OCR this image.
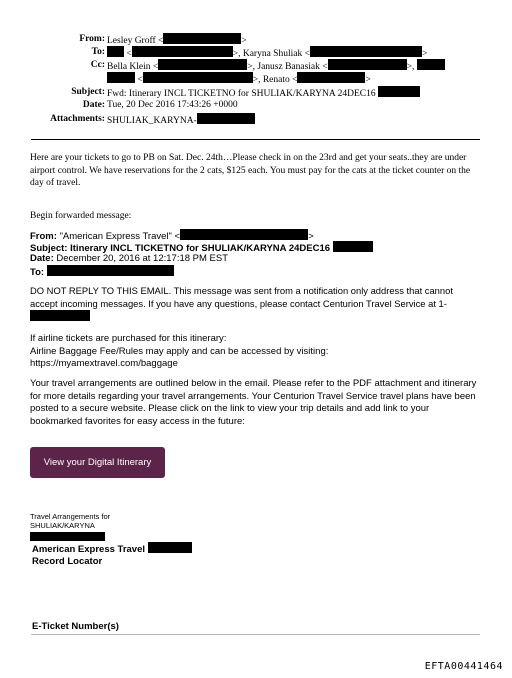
From: Lesley Groff <	>
To:	<	>, Karyna Shuliak <	>
Cc: Bella Klein <	>, Janusz Banasiak <	>,
<	>, Renato <	>
Subject: Fwd: Itinerary INCL TICKETNO for SHULIAK/KARYNA 24DEC16
Date: Tue, 20 Dec 2016 17:43:26 +0000
Attachments: SHULIAK_KARYNA-
Here are your tickets to go to PB on Sat. Dec. 24th…Please check in on the 23rd and get your seats..they are under airport control. We have reservations for the 2 cats, $125 each. You must pay for the cats at the ticket counter on the day of travel.
Begin forwarded message:
From: "American Express Travel" <	>
Subject: Itinerary INCL TICKETNO for SHULIAK/KARYNA 24DEC16
Date: December 20, 2016 at 12:17:18 PM EST
To:
DO NOT REPLY TO THIS EMAIL. This message was sent from a notification only address that cannot accept incoming messages. If you have any questions, please contact Centurion Travel Service at 1-
If airline tickets are purchased for this itinerary:
Airline Baggage Fee/Rules may apply and can be accessed by visiting:
https://myamextravel.com/baggage
Your travel arrangements are outlined below in the email. Please refer to the PDF attachment and itinerary for more details regarding your travel arrangements. Your Centurion Travel Service travel plans have been posted to a secure website. Please click on the link to view your trip details and add link to your bookmarked favorites for easy access in the future:
View your Digital Itinerary
Travel Arrangements for
SHULIAK/KARYNA
American Express Travel
Record Locator
E-Ticket Number(s)
EFTA00441464
